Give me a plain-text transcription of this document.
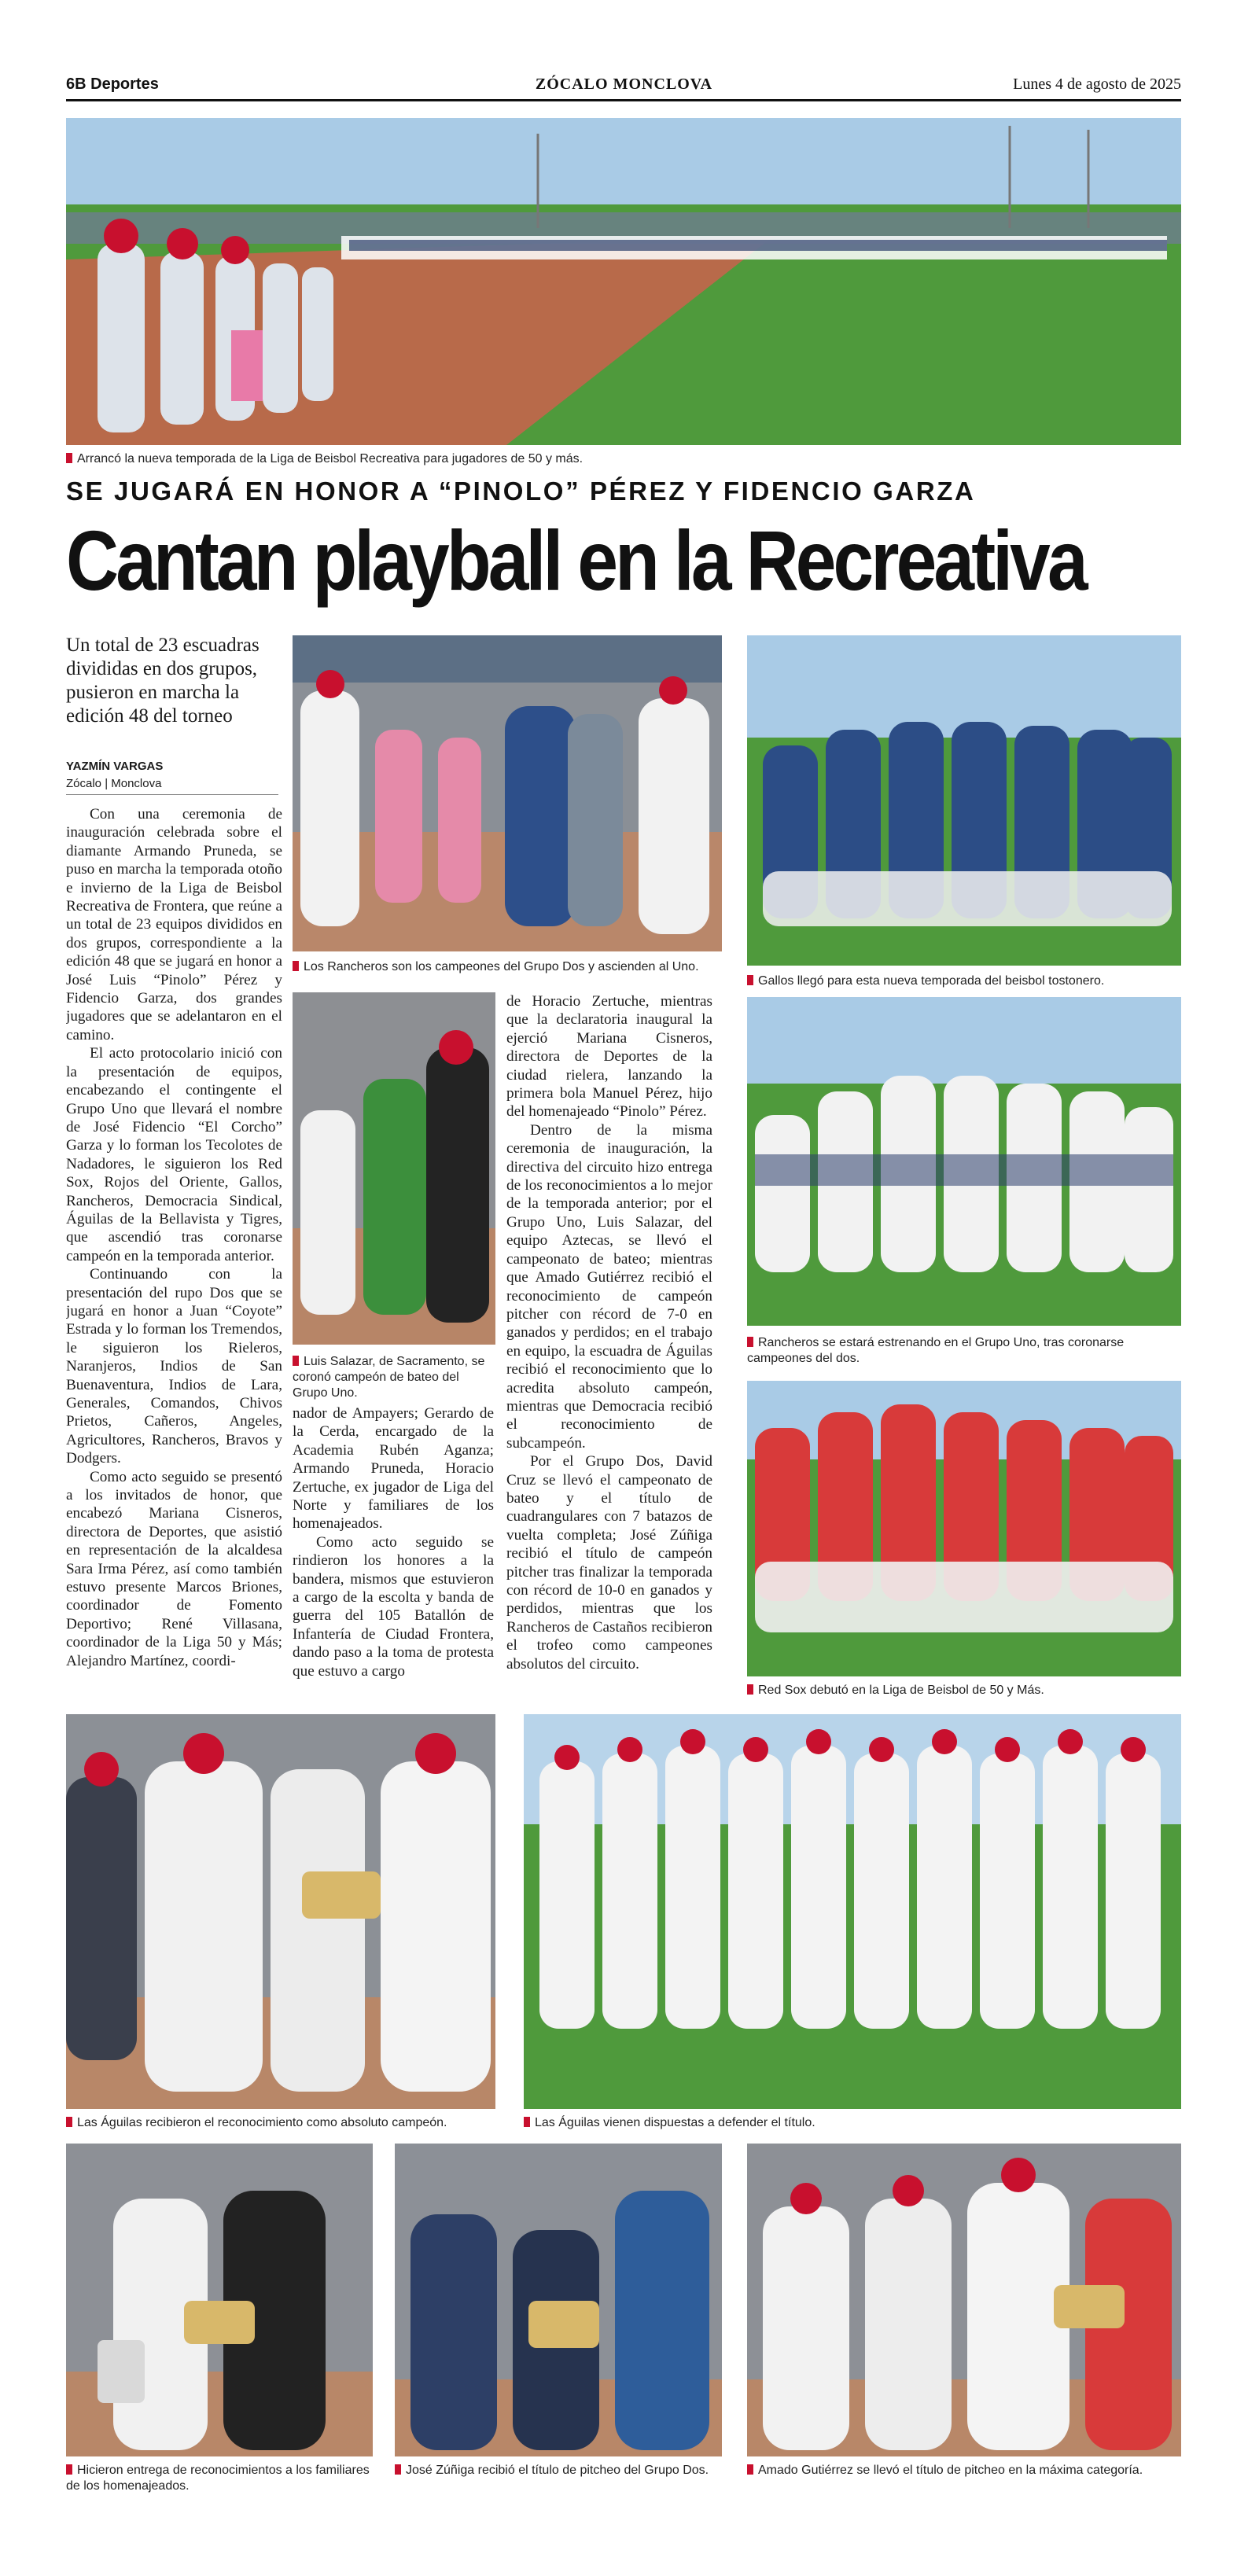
6B Deportes	ZÓCALO MONCLOVA	Lunes 4 de agosto de 2025
Arrancó la nueva temporada de la Liga de Beisbol Recreativa para jugadores de 50 y más.
SE JUGARÁ EN HONOR A “PINOLO” PÉREZ Y FIDENCIO GARZA
Cantan playball en la Recreativa
Un total de 23 escuadras divididas en dos grupos, pusieron en marcha la edición 48 del torneo
YAZMÍN VARGAS
Zócalo | Monclova

Con una ceremonia de inauguración celebrada sobre el diamante Armando Pruneda, se puso en marcha la temporada otoño e invierno de la Liga de Beisbol Recreativa de Frontera, que reúne a un total de 23 equipos divididos en dos grupos, correspondiente a la edición 48 que se jugará en honor a José Luis “Pinolo” Pérez y Fidencio Garza, dos grandes jugadores que se adelantaron en el camino.

El acto protocolario inició con la presentación de equipos, encabezando el contingente el Grupo Uno que llevará el nombre de José Fidencio “El Corcho” Garza y lo forman los Tecolotes de Nadadores, le siguieron los Red Sox, Rojos del Oriente, Gallos, Rancheros, Democracia Sindical, Águilas de la Bellavista y Tigres, que ascendió tras coronarse campeón en la temporada anterior.

Continuando con la presentación del rupo Dos que se jugará en honor a Juan “Coyote” Estrada y lo forman los Tremendos, le siguieron los Rieleros, Naranjeros, Indios de San Buenaventura, Indios de Lara, Generales, Comandos, Chivos Prietos, Cañeros, Angeles, Agricultores, Rancheros, Bravos y Dodgers.

Como acto seguido se presentó a los invitados de honor, que encabezó Mariana Cisneros, directora de Deportes, que asistió en representación de la alcaldesa Sara Irma Pérez, así como también estuvo presente Marcos Briones, coordinador de Fomento Deportivo; René Villasana, coordinador de la Liga 50 y Más; Alejandro Martínez, coordi-

nador de Ampayers; Gerardo de la Cerda, encargado de la Academia Rubén Aganza; Armando Pruneda, Horacio Zertuche, ex jugador de Liga del Norte y familiares de los homenajeados.

Como acto seguido se rindieron los honores a la bandera, mismos que estuvieron a cargo de la escolta y banda de guerra del 105 Batallón de Infantería de Ciudad Frontera, dando paso a la toma de protesta que estuvo a cargo

de Horacio Zertuche, mientras que la declaratoria inaugural la ejerció Mariana Cisneros, directora de Deportes de la ciudad rielera, lanzando la primera bola Manuel Pérez, hijo del homenajeado “Pinolo” Pérez.

Dentro de la misma ceremonia de inauguración, la directiva del circuito hizo entrega de los reconocimientos a lo mejor de la temporada anterior; por el Grupo Uno, Luis Salazar, del equipo Aztecas, se llevó el campeonato de bateo; mientras que Amado Gutiérrez recibió el reconocimiento de campeón pitcher con récord de 7-0 en ganados y perdidos; en el trabajo en equipo, la escuadra de Águilas recibió el reconocimiento que lo acredita absoluto campeón, mientras que Democracia recibió el reconocimiento de subcampeón.

Por el Grupo Dos, David Cruz se llevó el campeonato de bateo y el título de cuadrangulares con 7 batazos de vuelta completa; José Zúñiga recibió el título de campeón pitcher tras finalizar la temporada con récord de 10-0 en ganados y perdidos, mientras que los Rancheros de Castaños recibieron el trofeo como campeones absolutos del circuito.

Los Rancheros son los campeones del Grupo Dos y ascienden al Uno.
Gallos llegó para esta nueva temporada del beisbol tostonero.
Luis Salazar, de Sacramento, se coronó campeón de bateo del Grupo Uno.
Rancheros se estará estrenando en el Grupo Uno, tras coronarse campeones del dos.
Red Sox debutó en la Liga de Beisbol de 50 y Más.
Las Águilas recibieron el reconocimiento como absoluto campeón.	Las Águilas vienen dispuestas a defender el título.
Hicieron entrega de reconocimientos a los familiares de los homenajeados.
José Zúñiga recibió el título de pitcheo del Grupo Dos.	Amado Gutiérrez se llevó el título de pitcheo en la máxima categoría.
